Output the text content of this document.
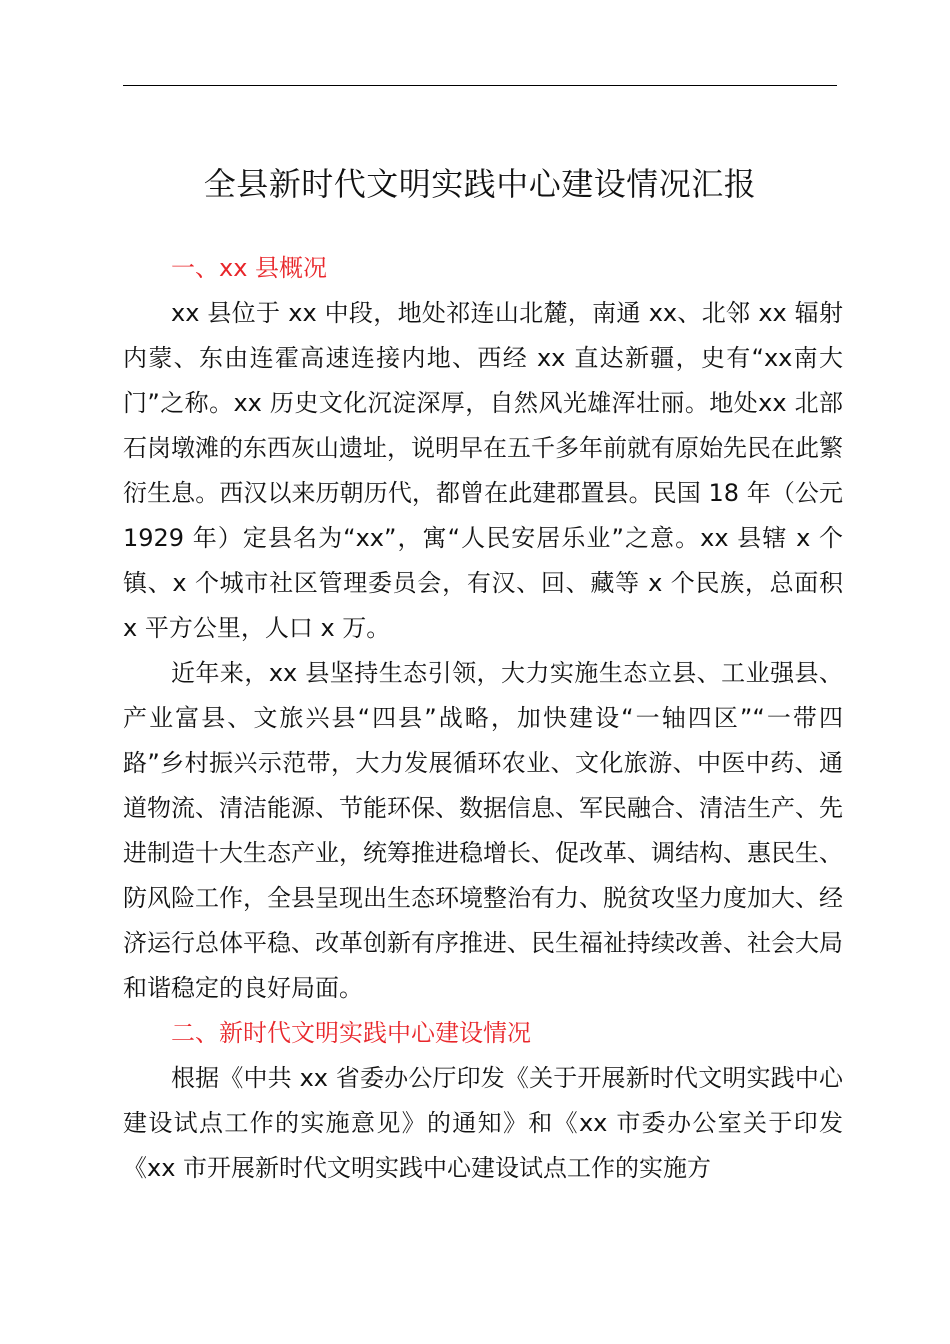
全县新时代文明实践中心建设情况汇报
一、xx 县概况

xx 县位于 xx 中段，地处祁连山北麓，南通 xx、北邻 xx 辐射内蒙、东由连霍高速连接内地、西经 xx 直达新疆，史有“xx南大门”之称。xx 历史文化沉淀深厚，自然风光雄浑壮丽。地处xx 北部石岗墩滩的东西灰山遗址，说明早在五千多年前就有原始先民在此繁衍生息。西汉以来历朝历代，都曾在此建郡置县。民国 18 年（公元 1929 年）定县名为“xx”，寓“人民安居乐业”之意。xx 县辖 x 个镇、x 个城市社区管理委员会，有汉、回、藏等 x 个民族，总面积 x 平方公里，人口 x 万。

近年来，xx 县坚持生态引领，大力实施生态立县、工业强县、产业富县、文旅兴县“四县”战略，加快建设“一轴四区”“一带四路”乡村振兴示范带，大力发展循环农业、文化旅游、中医中药、通道物流、清洁能源、节能环保、数据信息、军民融合、清洁生产、先进制造十大生态产业，统筹推进稳增长、促改革、调结构、惠民生、防风险工作，全县呈现出生态环境整治有力、脱贫攻坚力度加大、经济运行总体平稳、改革创新有序推进、民生福祉持续改善、社会大局和谐稳定的良好局面。

二、新时代文明实践中心建设情况

根据《中共 xx 省委办公厅印发《关于开展新时代文明实践中心建设试点工作的实施意见》的通知》和《xx 市委办公室关于印发《xx 市开展新时代文明实践中心建设试点工作的实施方
